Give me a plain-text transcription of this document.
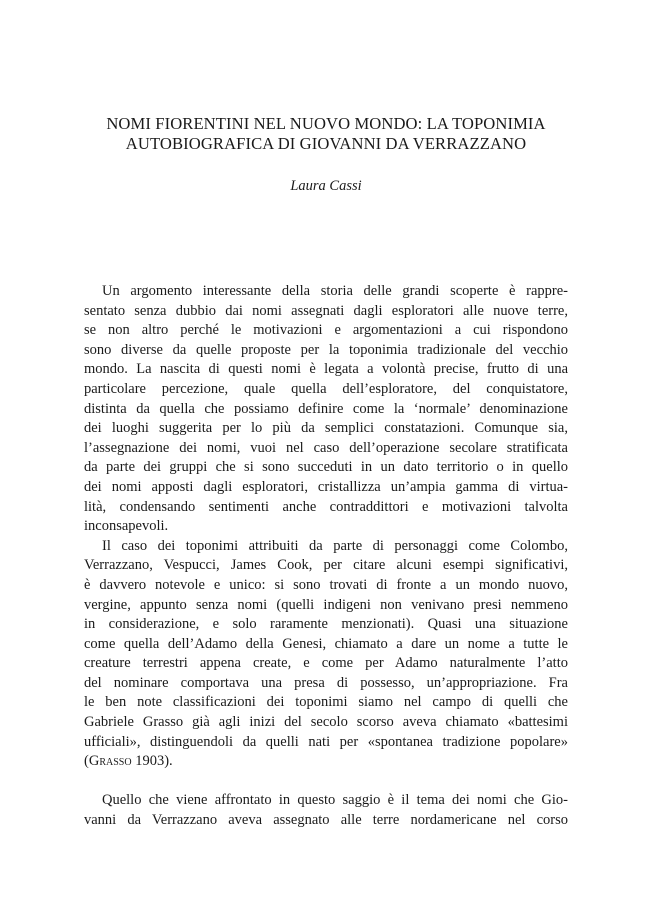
NOMI FIORENTINI NEL NUOVO MONDO: LA TOPONIMIA
AUTOBIOGRAFICA DI GIOVANNI DA VERRAZZANO
Laura Cassi
Un argomento interessante della storia delle grandi scoperte è rappre-
sentato senza dubbio dai nomi assegnati dagli esploratori alle nuove terre,
se non altro perché le motivazioni e argomentazioni a cui rispondono
sono diverse da quelle proposte per la toponimia tradizionale del vecchio
mondo. La nascita di questi nomi è legata a volontà precise, frutto di una
particolare percezione, quale quella dell’esploratore, del conquistatore,
distinta da quella che possiamo definire come la ‘normale’ denominazione
dei luoghi suggerita per lo più da semplici constatazioni. Comunque sia,
l’assegnazione dei nomi, vuoi nel caso dell’operazione secolare stratificata
da parte dei gruppi che si sono succeduti in un dato territorio o in quello
dei nomi apposti dagli esploratori, cristallizza un’ampia gamma di virtua-
lità, condensando sentimenti anche contraddittori e motivazioni talvolta
inconsapevoli.
Il caso dei toponimi attribuiti da parte di personaggi come Colombo,
Verrazzano, Vespucci, James Cook, per citare alcuni esempi significativi,
è davvero notevole e unico: si sono trovati di fronte a un mondo nuovo,
vergine, appunto senza nomi (quelli indigeni non venivano presi nemmeno
in considerazione, e solo raramente menzionati). Quasi una situazione
come quella dell’Adamo della Genesi, chiamato a dare un nome a tutte le
creature terrestri appena create, e come per Adamo naturalmente l’atto
del nominare comportava una presa di possesso, un’appropriazione. Fra
le ben note classificazioni dei toponimi siamo nel campo di quelli che
Gabriele Grasso già agli inizi del secolo scorso aveva chiamato «battesimi
ufficiali», distinguendoli da quelli nati per «spontanea tradizione popolare»
(Grasso 1903).
Quello che viene affrontato in questo saggio è il tema dei nomi che Gio-
vanni da Verrazzano aveva assegnato alle terre nordamericane nel corso
